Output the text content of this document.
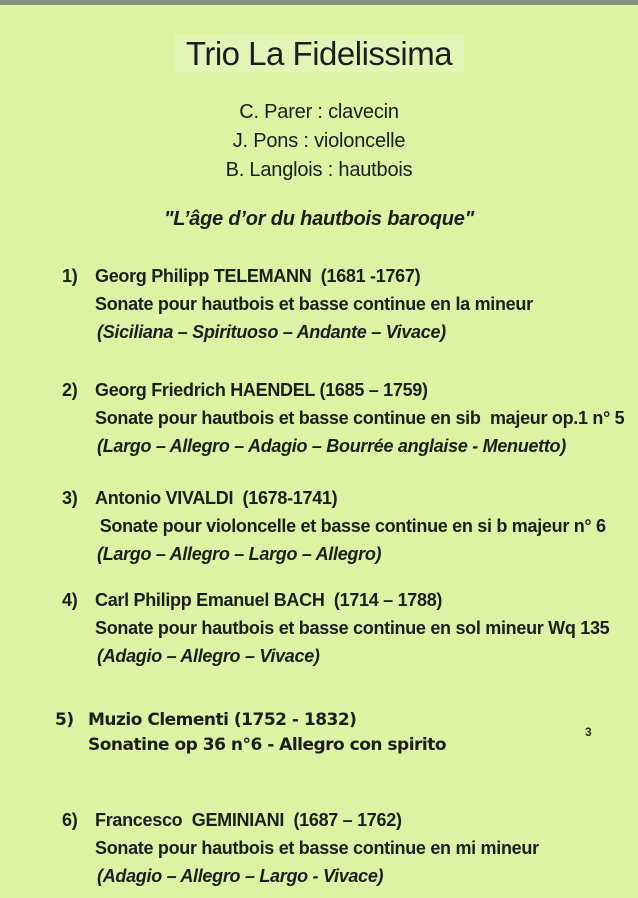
Trio La Fidelissima
C. Parer : clavecin
J. Pons : violoncelle
B. Langlois : hautbois
"L’âge d’or du hautbois baroque"
1) Georg Philipp TELEMANN  (1681 -1767)
Sonate pour hautbois et basse continue en la mineur
(Siciliana – Spirituoso – Andante – Vivace)
2) Georg Friedrich HAENDEL (1685 – 1759)
Sonate pour hautbois et basse continue en sib  majeur op.1 n° 5
(Largo – Allegro – Adagio – Bourrée anglaise - Menuetto)
3) Antonio VIVALDI  (1678-1741)
Sonate pour violoncelle et basse continue en si b majeur n° 6
(Largo – Allegro – Largo – Allegro)
4) Carl Philipp Emanuel BACH  (1714 – 1788)
Sonate pour hautbois et basse continue en sol mineur Wq 135
(Adagio – Allegro – Vivace)
5) Muzio Clementi (1752 - 1832)
Sonatine op 36 n°6 - Allegro con spirito
6) Francesco  GEMINIANI  (1687 – 1762)
Sonate pour hautbois et basse continue en mi mineur
(Adagio – Allegro – Largo - Vivace)
3
